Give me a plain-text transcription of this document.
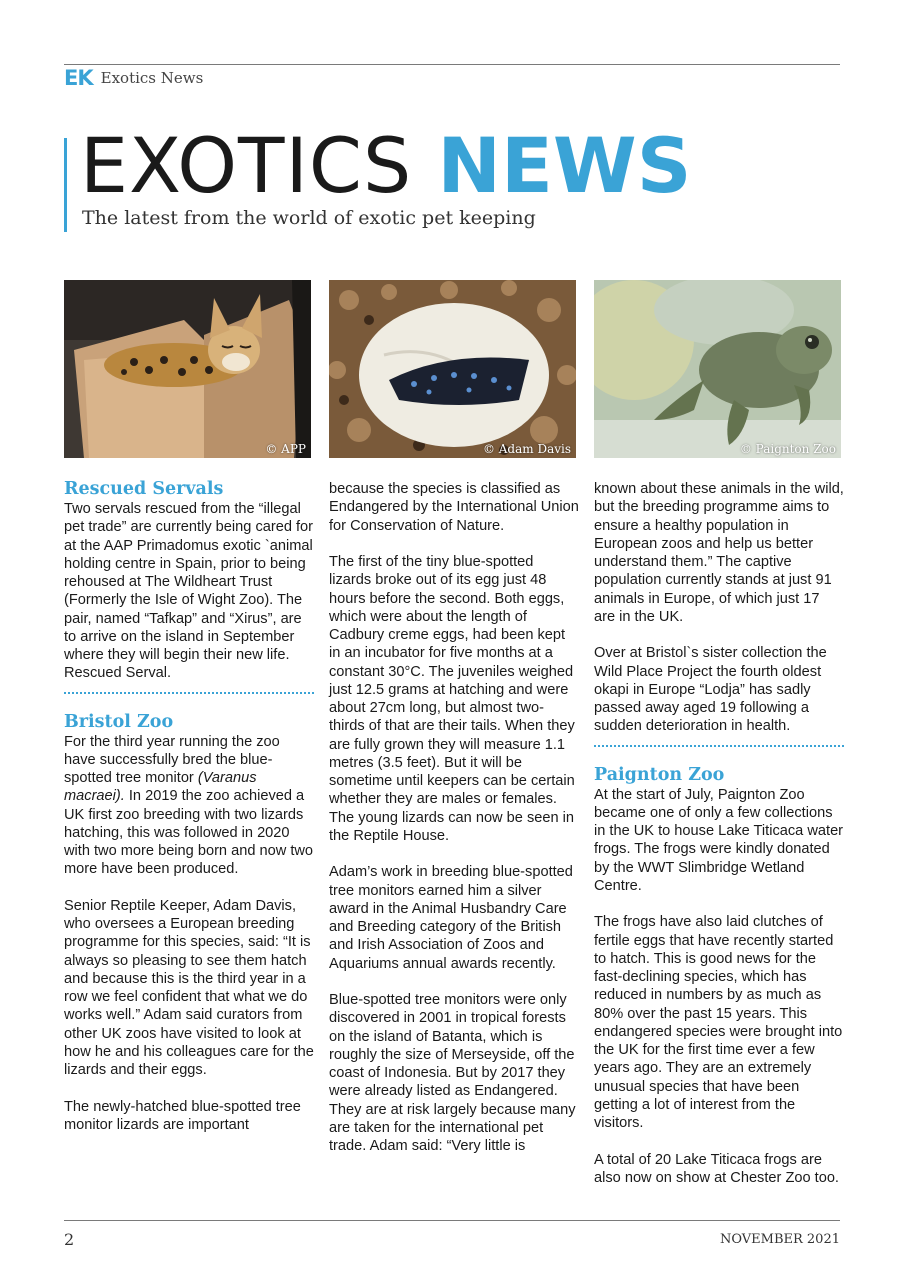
EK Exotics News
EXOTICS NEWS
The latest from the world of exotic pet keeping
© APP	© Adam Davis	© Paignton Zoo
Rescued Servals

Two servals rescued from the “illegal pet trade” are currently being cared for at the AAP Primadomus exotic `animal holding centre in Spain, prior to being rehoused at The Wildheart Trust (Formerly the Isle of Wight Zoo). The pair, named “Tafkap” and “Xirus”, are to arrive on the island in September where they will begin their new life. Rescued Serval.

Bristol Zoo

For the third year running the zoo have successfully bred the blue-spotted tree monitor (Varanus macraei). In 2019 the zoo achieved a UK first zoo breeding with two lizards hatching, this was followed in 2020 with two more being born and now two more have been produced.

Senior Reptile Keeper, Adam Davis, who oversees a European breeding programme for this species, said: “It is always so pleasing to see them hatch and because this is the third year in a row we feel confident that what we do works well.” Adam said curators from other UK zoos have visited to look at how he and his colleagues care for the lizards and their eggs.

The newly-hatched blue-spotted tree monitor lizards are important

because the species is classified as Endangered by the International Union for Conservation of Nature.

The first of the tiny blue-spotted lizards broke out of its egg just 48 hours before the second. Both eggs, which were about the length of Cadbury creme eggs, had been kept in an incubator for five months at a constant 30°C. The juveniles weighed just 12.5 grams at hatching and were about 27cm long, but almost two-thirds of that are their tails. When they are fully grown they will measure 1.1 metres (3.5 feet). But it will be sometime until keepers can be certain whether they are males or females. The young lizards can now be seen in the Reptile House.

Adam’s work in breeding blue-spotted tree monitors earned him a silver award in the Animal Husbandry Care and Breeding category of the British and Irish Association of Zoos and Aquariums annual awards recently.

Blue-spotted tree monitors were only discovered in 2001 in tropical forests on the island of Batanta, which is roughly the size of Merseyside, off the coast of Indonesia. But by 2017 they were already listed as Endangered. They are at risk largely because many are taken for the international pet trade. Adam said: “Very little is

known about these animals in the wild, but the breeding programme aims to ensure a healthy population in European zoos and help us better understand them.” The captive population currently stands at just 91 animals in Europe, of which just 17 are in the UK.

Over at Bristol`s sister collection the Wild Place Project the fourth oldest okapi in Europe “Lodja” has sadly passed away aged 19 following a sudden deterioration in health.

Paignton Zoo

At the start of July, Paignton Zoo became one of only a few collections in the UK to house Lake Titicaca water frogs. The frogs were kindly donated by the WWT Slimbridge Wetland Centre.

The frogs have also laid clutches of fertile eggs that have recently started to hatch. This is good news for the fast-declining species, which has reduced in numbers by as much as 80% over the past 15 years. This endangered species were brought into the UK for the first time ever a few years ago. They are an extremely unusual species that have been getting a lot of interest from the visitors.

A total of 20 Lake Titicaca frogs are also now on show at Chester Zoo too.

2	NOVEMBER 2021
